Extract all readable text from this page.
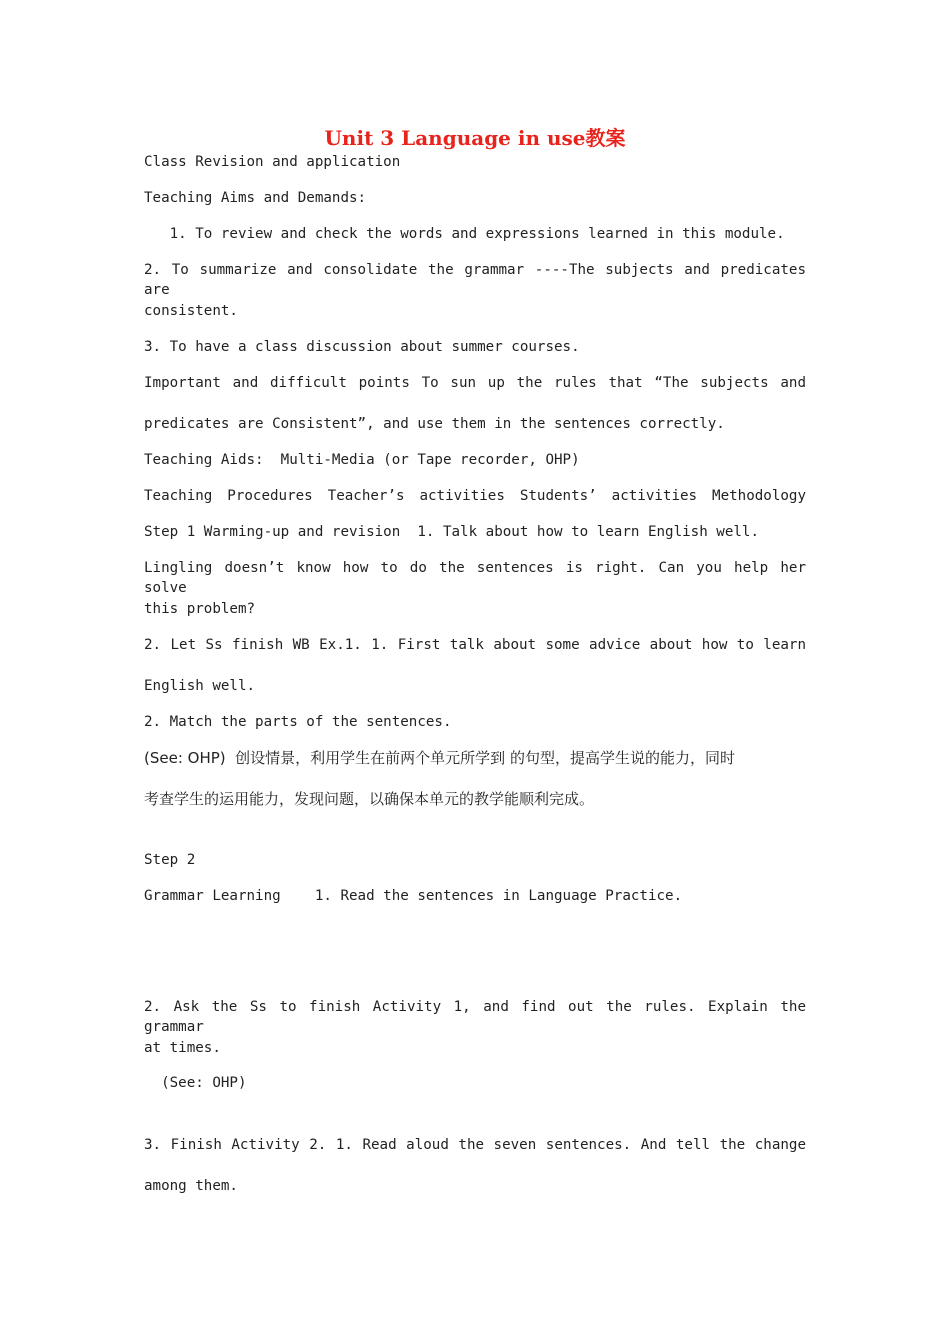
Unit 3 Language in use教案
Class Revision and application
Teaching Aims and Demands:
1. To review and check the words and expressions learned in this module.
2. To summarize and consolidate the grammar ----The subjects and predicates are
consistent.
3. To have a class discussion about summer courses.
Important and difficult points To sun up the rules that “The subjects and
predicates are Consistent”, and use them in the sentences correctly.
Teaching Aids:  Multi-Media (or Tape recorder, OHP)
Teaching Procedures Teacher’s activities Students’ activities Methodology
Step 1 Warming-up and revision  1. Talk about how to learn English well.
Lingling doesn’t know how to do the sentences is right. Can you help her solve
this problem?
2. Let Ss finish WB Ex.1. 1. First talk about some advice about how to learn
English well.
2. Match the parts of the sentences.
(See: OHP)  创设情景，利用学生在前两个单元所学到 的句型，提高学生说的能力，同时
考查学生的运用能力，发现问题，以确保本单元的教学能顺利完成。
Step 2
Grammar Learning    1. Read the sentences in Language Practice.
2. Ask the Ss to finish Activity 1, and find out the rules. Explain the grammar
at times.
(See: OHP)
3. Finish Activity 2. 1. Read aloud the seven sentences. And tell the change
among them.
